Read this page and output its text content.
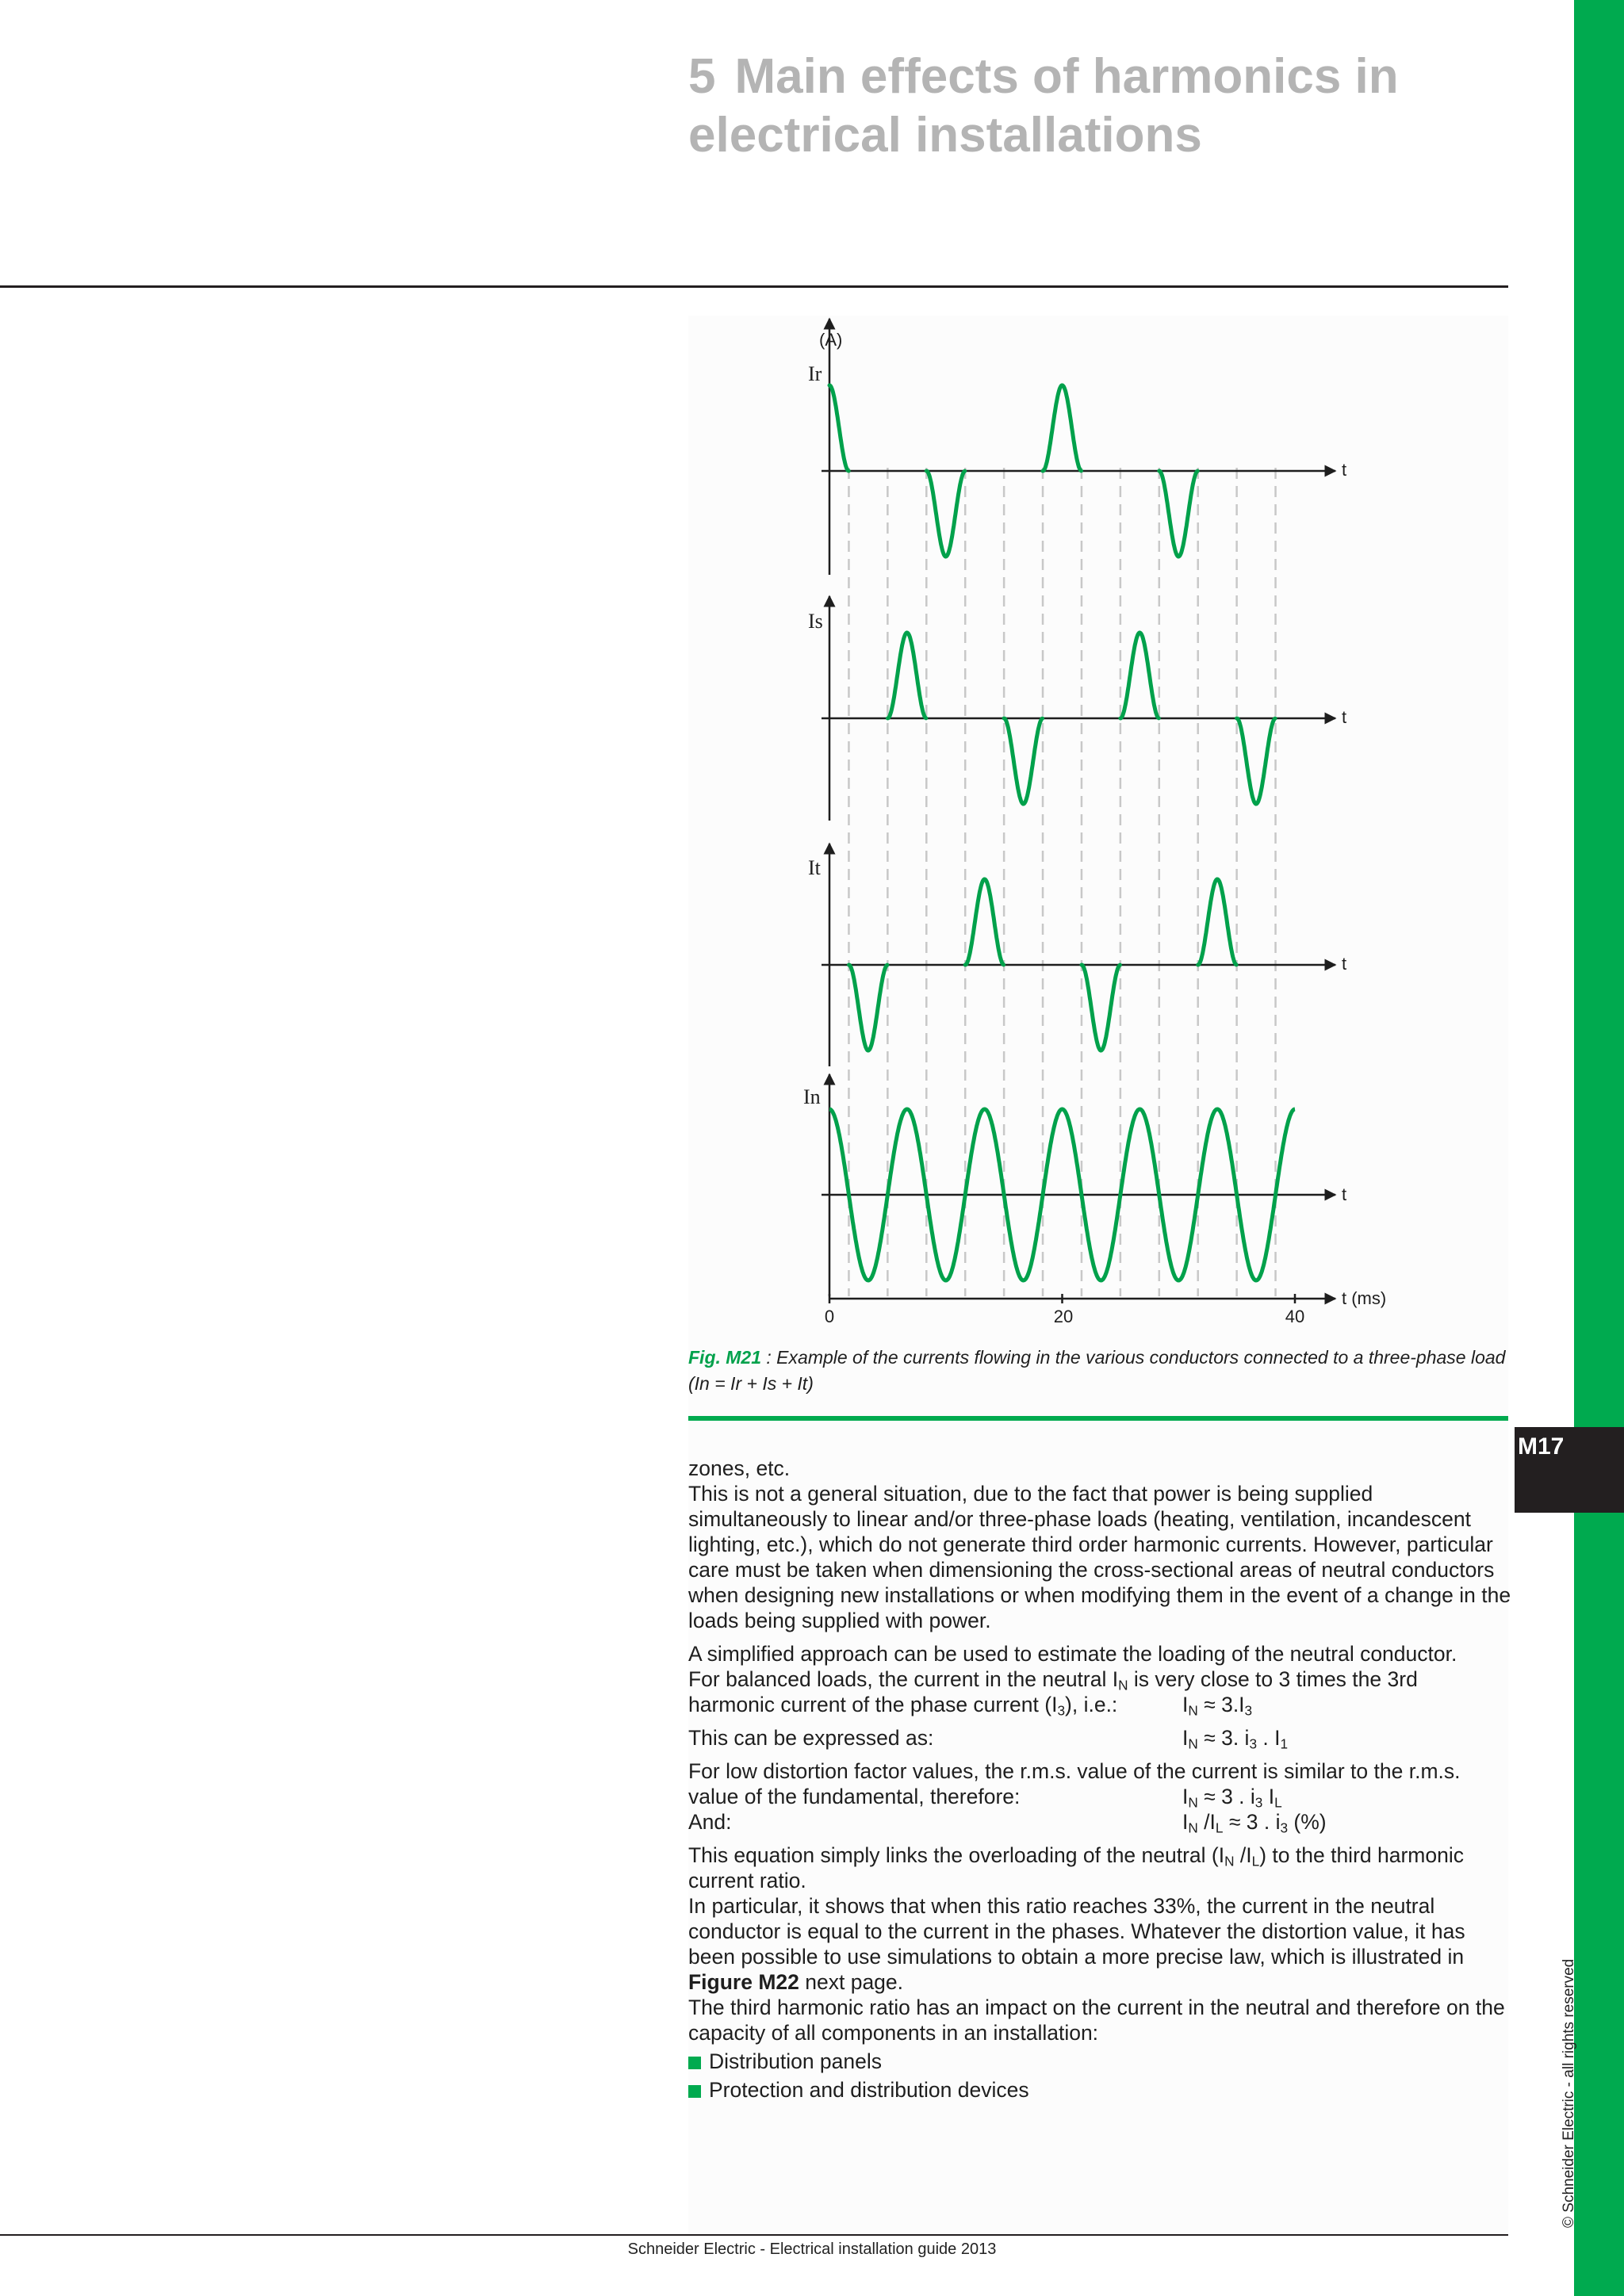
M17
© Schneider Electric - all rights reserved
5 Main effects of harmonics in electrical installations
(A)
Ir
Is
It
In
t
t
t
t
t (ms)
0	20	40
Fig. M21 : Example of the currents flowing in the various conductors connected to a three-phase load (In = Ir + Is + It)

zones, etc.

This is not a general situation, due to the fact that power is being supplied simultaneously to linear and/or three-phase loads (heating, ventilation, incandescent lighting, etc.), which do not generate third order harmonic currents. However, particular care must be taken when dimensioning the cross-sectional areas of neutral conductors when designing new installations or when modifying them in the event of a change in the loads being supplied with power.

A simplified approach can be used to estimate the loading of the neutral conductor.

For balanced loads, the current in the neutral $I_N$ is very close to 3 times the 3rd

harmonic current of the phase current $(I_3)$, i.e.:	$I_N \approx 3.I_3$

This can be expressed as:	$I_N \approx 3$. $i_3$ . $I_1$

For low distortion factor values, the r.m.s. value of the current is similar to the r.m.s.

value of the fundamental, therefore:	$I_N \approx 3$ . $i_3$ $I_L$

And:	$I_N$ $/I_L \approx 3$ . $i_3$ (%)

This equation simply links the overloading of the neutral ($I_N$ $/I_L$) to the third harmonic

current ratio.

In particular, it shows that when this ratio reaches 33%, the current in the neutral conductor is equal to the current in the phases. Whatever the distortion value, it has been possible to use simulations to obtain a more precise law, which is illustrated in Figure M22 next page.

The third harmonic ratio has an impact on the current in the neutral and therefore on the capacity of all components in an installation:

Distribution panels
Protection and distribution devices
Schneider Electric - Electrical installation guide 2013
